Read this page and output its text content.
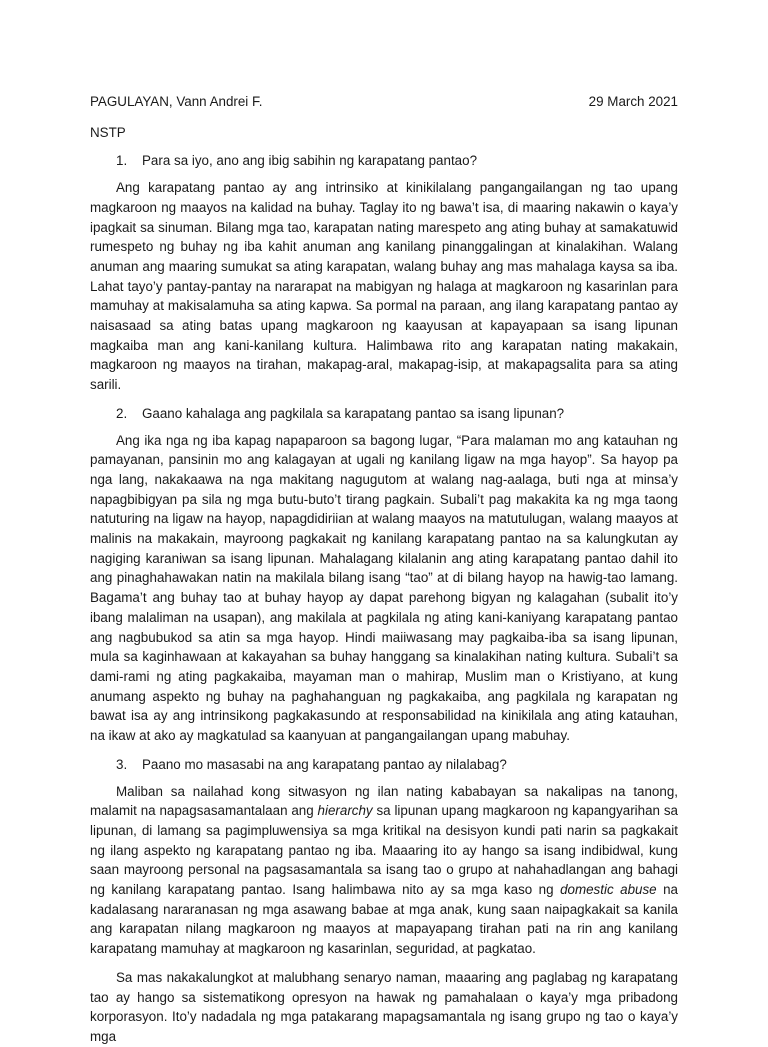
PAGULAYAN, Vann Andrei F.	29 March 2021
NSTP
1.	Para sa iyo, ano ang ibig sabihin ng karapatang pantao?

Ang karapatang pantao ay ang intrinsiko at kinikilalang pangangailangan ng tao upang magkaroon ng maayos na kalidad na buhay. Taglay ito ng bawa’t isa, di maaring nakawin o kaya’y ipagkait sa sinuman. Bilang mga tao, karapatan nating marespeto ang ating buhay at samakatuwid rumespeto ng buhay ng iba kahit anuman ang kanilang pinanggalingan at kinalakihan. Walang anuman ang maaring sumukat sa ating karapatan, walang buhay ang mas mahalaga kaysa sa iba. Lahat tayo’y pantay-pantay na nararapat na mabigyan ng halaga at magkaroon ng kasarinlan para mamuhay at makisalamuha sa ating kapwa. Sa pormal na paraan, ang ilang karapatang pantao ay naisasaad sa ating batas upang magkaroon ng kaayusan at kapayapaan sa isang lipunan magkaiba man ang kani-kanilang kultura. Halimbawa rito ang karapatan nating makakain, magkaroon ng maayos na tirahan, makapag-aral, makapag-isip, at makapagsalita para sa ating sarili.

2.	Gaano kahalaga ang pagkilala sa karapatang pantao sa isang lipunan?

Ang ika nga ng iba kapag napaparoon sa bagong lugar, “Para malaman mo ang katauhan ng pamayanan, pansinin mo ang kalagayan at ugali ng kanilang ligaw na mga hayop”. Sa hayop pa nga lang, nakakaawa na nga makitang nagugutom at walang nag-aalaga, buti nga at minsa’y napagbibigyan pa sila ng mga butu-buto’t tirang pagkain. Subali’t pag makakita ka ng mga taong natuturing na ligaw na hayop, napagdidiriian at walang maayos na matutulugan, walang maayos at malinis na makakain, mayroong pagkakait ng kanilang karapatang pantao na sa kalungkutan ay nagiging karaniwan sa isang lipunan. Mahalagang kilalanin ang ating karapatang pantao dahil ito ang pinaghahawakan natin na makilala bilang isang “tao” at di bilang hayop na hawig-tao lamang. Bagama’t ang buhay tao at buhay hayop ay dapat parehong bigyan ng kalagahan (subalit ito’y ibang malaliman na usapan), ang makilala at pagkilala ng ating kani-kaniyang karapatang pantao ang nagbubukod sa atin sa mga hayop. Hindi maiiwasang may pagkaiba-iba sa isang lipunan, mula sa kaginhawaan at kakayahan sa buhay hanggang sa kinalakihan nating kultura. Subali’t sa dami-rami ng ating pagkakaiba, mayaman man o mahirap, Muslim man o Kristiyano, at kung anumang aspekto ng buhay na paghahanguan ng pagkakaiba, ang pagkilala ng karapatan ng bawat isa ay ang intrinsikong pagkakasundo at responsabilidad na kinikilala ang ating katauhan, na ikaw at ako ay magkatulad sa kaanyuan at pangangailangan upang mabuhay.

3.	Paano mo masasabi na ang karapatang pantao ay nilalabag?

Maliban sa nailahad kong sitwasyon ng ilan nating kababayan sa nakalipas na tanong, malamit na napagsasamantalaan ang hierarchy sa lipunan upang magkaroon ng kapangyarihan sa lipunan, di lamang sa pagimpluwensiya sa mga kritikal na desisyon kundi pati narin sa pagkakait ng ilang aspekto ng karapatang pantao ng iba. Maaaring ito ay hango sa isang indibidwal, kung saan mayroong personal na pagsasamantala sa isang tao o grupo at nahahadlangan ang bahagi ng kanilang karapatang pantao. Isang halimbawa nito ay sa mga kaso ng domestic abuse na kadalasang nararanasan ng mga asawang babae at mga anak, kung saan naipagkakait sa kanila ang karapatan nilang magkaroon ng maayos at mapayapang tirahan pati na rin ang kanilang karapatang mamuhay at magkaroon ng kasarinlan, seguridad, at pagkatao.

Sa mas nakakalungkot at malubhang senaryo naman, maaaring ang paglabag ng karapatang tao ay hango sa sistematikong opresyon na hawak ng pamahalaan o kaya’y mga pribadong korporasyon. Ito’y nadadala ng mga patakarang mapagsamantala ng isang grupo ng tao o kaya’y mga
